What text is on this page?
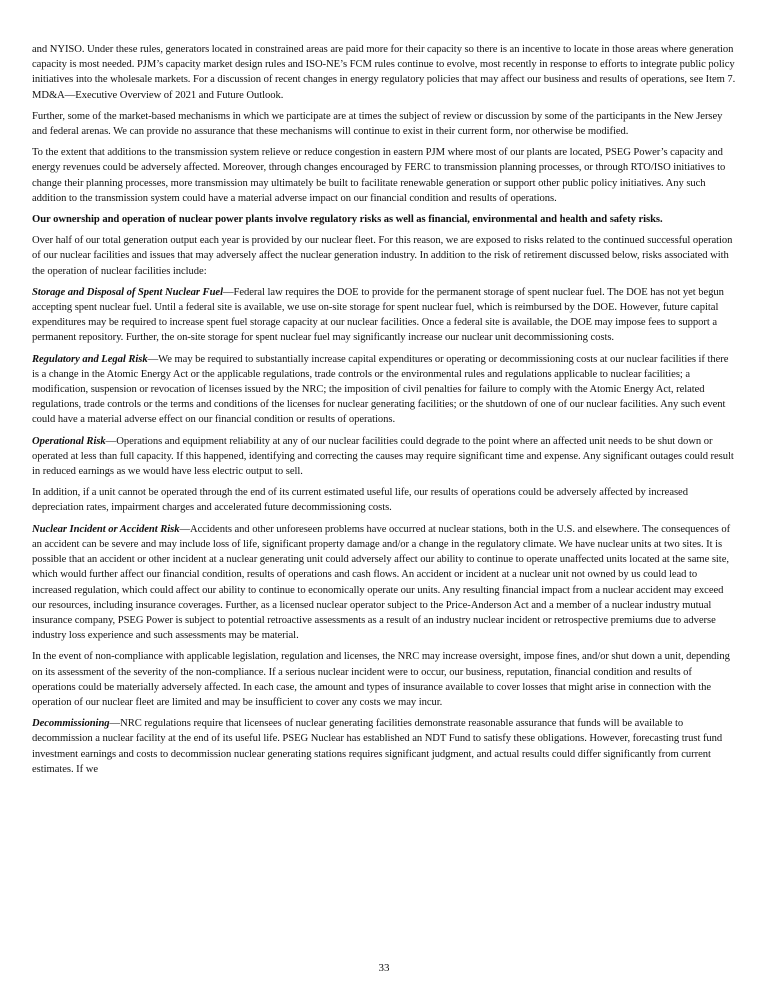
and NYISO. Under these rules, generators located in constrained areas are paid more for their capacity so there is an incentive to locate in those areas where generation capacity is most needed. PJM’s capacity market design rules and ISO-NE’s FCM rules continue to evolve, most recently in response to efforts to integrate public policy initiatives into the wholesale markets. For a discussion of recent changes in energy regulatory policies that may affect our business and results of operations, see Item 7. MD&A—Executive Overview of 2021 and Future Outlook.

Further, some of the market-based mechanisms in which we participate are at times the subject of review or discussion by some of the participants in the New Jersey and federal arenas. We can provide no assurance that these mechanisms will continue to exist in their current form, nor otherwise be modified.

To the extent that additions to the transmission system relieve or reduce congestion in eastern PJM where most of our plants are located, PSEG Power’s capacity and energy revenues could be adversely affected. Moreover, through changes encouraged by FERC to transmission planning processes, or through RTO/ISO initiatives to change their planning processes, more transmission may ultimately be built to facilitate renewable generation or support other public policy initiatives. Any such addition to the transmission system could have a material adverse impact on our financial condition and results of operations.

Our ownership and operation of nuclear power plants involve regulatory risks as well as financial, environmental and health and safety risks.

Over half of our total generation output each year is provided by our nuclear fleet. For this reason, we are exposed to risks related to the continued successful operation of our nuclear facilities and issues that may adversely affect the nuclear generation industry. In addition to the risk of retirement discussed below, risks associated with the operation of nuclear facilities include:

Storage and Disposal of Spent Nuclear Fuel—Federal law requires the DOE to provide for the permanent storage of spent nuclear fuel. The DOE has not yet begun accepting spent nuclear fuel. Until a federal site is available, we use on-site storage for spent nuclear fuel, which is reimbursed by the DOE. However, future capital expenditures may be required to increase spent fuel storage capacity at our nuclear facilities. Once a federal site is available, the DOE may impose fees to support a permanent repository. Further, the on-site storage for spent nuclear fuel may significantly increase our nuclear unit decommissioning costs.

Regulatory and Legal Risk—We may be required to substantially increase capital expenditures or operating or decommissioning costs at our nuclear facilities if there is a change in the Atomic Energy Act or the applicable regulations, trade controls or the environmental rules and regulations applicable to nuclear facilities; a modification, suspension or revocation of licenses issued by the NRC; the imposition of civil penalties for failure to comply with the Atomic Energy Act, related regulations, trade controls or the terms and conditions of the licenses for nuclear generating facilities; or the shutdown of one of our nuclear facilities. Any such event could have a material adverse effect on our financial condition or results of operations.

Operational Risk—Operations and equipment reliability at any of our nuclear facilities could degrade to the point where an affected unit needs to be shut down or operated at less than full capacity. If this happened, identifying and correcting the causes may require significant time and expense. Any significant outages could result in reduced earnings as we would have less electric output to sell.

In addition, if a unit cannot be operated through the end of its current estimated useful life, our results of operations could be adversely affected by increased depreciation rates, impairment charges and accelerated future decommissioning costs.

Nuclear Incident or Accident Risk—Accidents and other unforeseen problems have occurred at nuclear stations, both in the U.S. and elsewhere. The consequences of an accident can be severe and may include loss of life, significant property damage and/or a change in the regulatory climate. We have nuclear units at two sites. It is possible that an accident or other incident at a nuclear generating unit could adversely affect our ability to continue to operate unaffected units located at the same site, which would further affect our financial condition, results of operations and cash flows. An accident or incident at a nuclear unit not owned by us could lead to increased regulation, which could affect our ability to continue to economically operate our units. Any resulting financial impact from a nuclear accident may exceed our resources, including insurance coverages. Further, as a licensed nuclear operator subject to the Price-Anderson Act and a member of a nuclear industry mutual insurance company, PSEG Power is subject to potential retroactive assessments as a result of an industry nuclear incident or retrospective premiums due to adverse industry loss experience and such assessments may be material.

In the event of non-compliance with applicable legislation, regulation and licenses, the NRC may increase oversight, impose fines, and/or shut down a unit, depending on its assessment of the severity of the non-compliance. If a serious nuclear incident were to occur, our business, reputation, financial condition and results of operations could be materially adversely affected. In each case, the amount and types of insurance available to cover losses that might arise in connection with the operation of our nuclear fleet are limited and may be insufficient to cover any costs we may incur.

Decommissioning—NRC regulations require that licensees of nuclear generating facilities demonstrate reasonable assurance that funds will be available to decommission a nuclear facility at the end of its useful life. PSEG Nuclear has established an NDT Fund to satisfy these obligations. However, forecasting trust fund investment earnings and costs to decommission nuclear generating stations requires significant judgment, and actual results could differ significantly from current estimates. If we

33
